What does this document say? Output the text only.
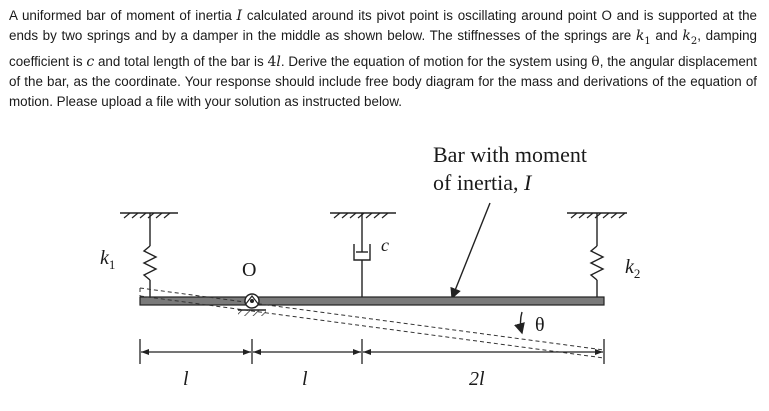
A uniformed bar of moment of inertia I calculated around its pivot point is oscillating around point O and is supported at the ends by two springs and by a damper in the middle as shown below. The stiffnesses of the springs are $k_1$ and $k_2$, damping coefficient is c and total length of the bar is 4l. Derive the equation of motion for the system using θ, the angular displacement of the bar, as the coordinate. Your response should include free body diagram for the mass and derivations of the equation of motion. Please upload a file with your solution as instructed below.
Bar with moment
of inertia, I
$k_1$	$k_2$
c
O
θ
l	l	2l
